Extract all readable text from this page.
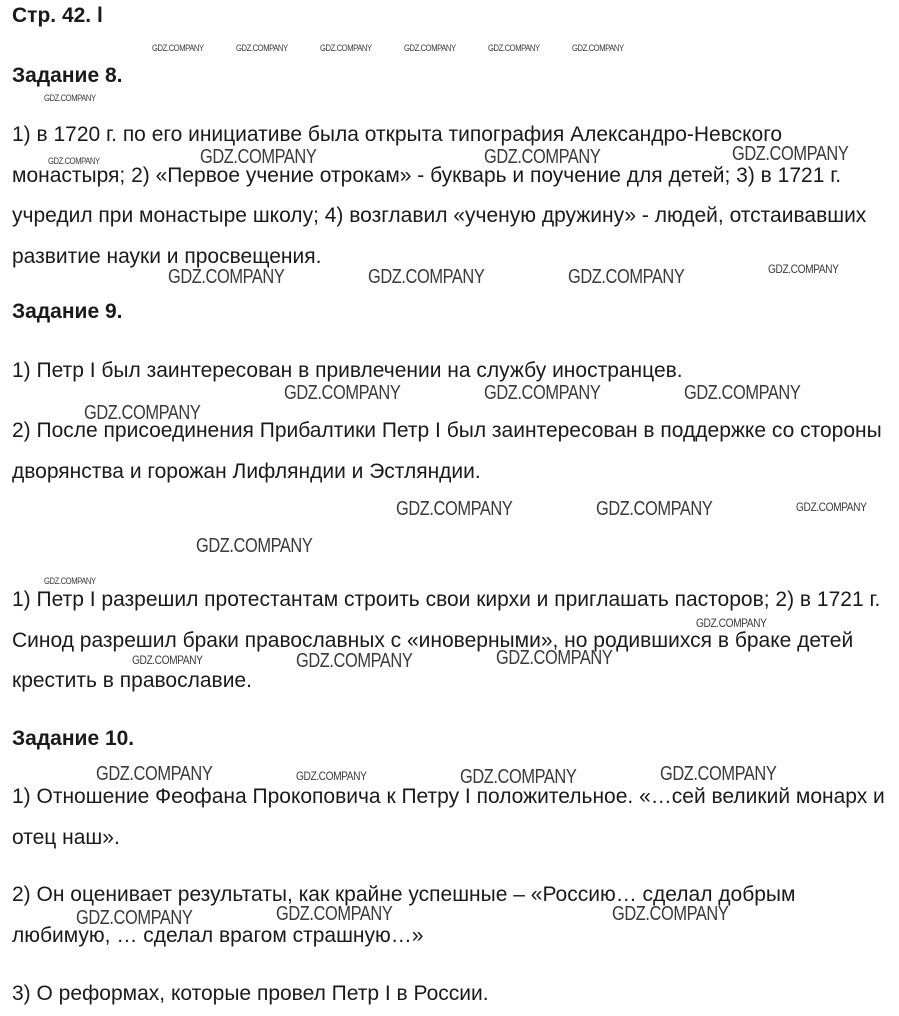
Стр. 42. l
Задание 8.

1) в 1720 г. по его инициативе была открыта типография Александро-Невского монастыря; 2) «Первое учение отрокам» - букварь и поучение для детей; 3) в 1721 г. учредил при монастыре школу; 4) возглавил «ученую дружину» - людей, отстаивавших развитие науки и просвещения.

Задание 9.

1) Петр I был заинтересован в привлечении на службу иностранцев.

2) После присоединения Прибалтики Петр I был заинтересован в поддержке со стороны дворянства и горожан Лифляндии и Эстляндии.

1) Петр I разрешил протестантам строить свои кирхи и приглашать пасторов; 2) в 1721 г. Синод разрешил браки православных с «иноверными», но родившихся в браке детей крестить в православие.

Задание 10.

1) Отношение Феофана Прокоповича к Петру I положительное. «…сей великий монарх и отец наш».

2) Он оценивает результаты, как крайне успешные – «Россию… сделал добрым любимую, … сделал врагом страшную…»

3) О реформах, которые провел Петр I в России.

GDZ.COMPANY	GDZ.COMPANY	GDZ.COMPANY	GDZ.COMPANY	GDZ.COMPANY	GDZ.COMPANY
GDZ.COMPANY
GDZ.COMPANY	GDZ.COMPANY	GDZ.COMPANY	GDZ.COMPANY
GDZ.COMPANY	GDZ.COMPANY	GDZ.COMPANY	GDZ.COMPANY
GDZ.COMPANY	GDZ.COMPANY	GDZ.COMPANY
GDZ.COMPANY
GDZ.COMPANY	GDZ.COMPANY	GDZ.COMPANY
GDZ.COMPANY
GDZ.COMPANY
GDZ.COMPANY	GDZ.COMPANY	GDZ.COMPANY
GDZ.COMPANY
GDZ.COMPANY	GDZ.COMPANY	GDZ.COMPANY	GDZ.COMPANY
GDZ.COMPANY	GDZ.COMPANY	GDZ.COMPANY
